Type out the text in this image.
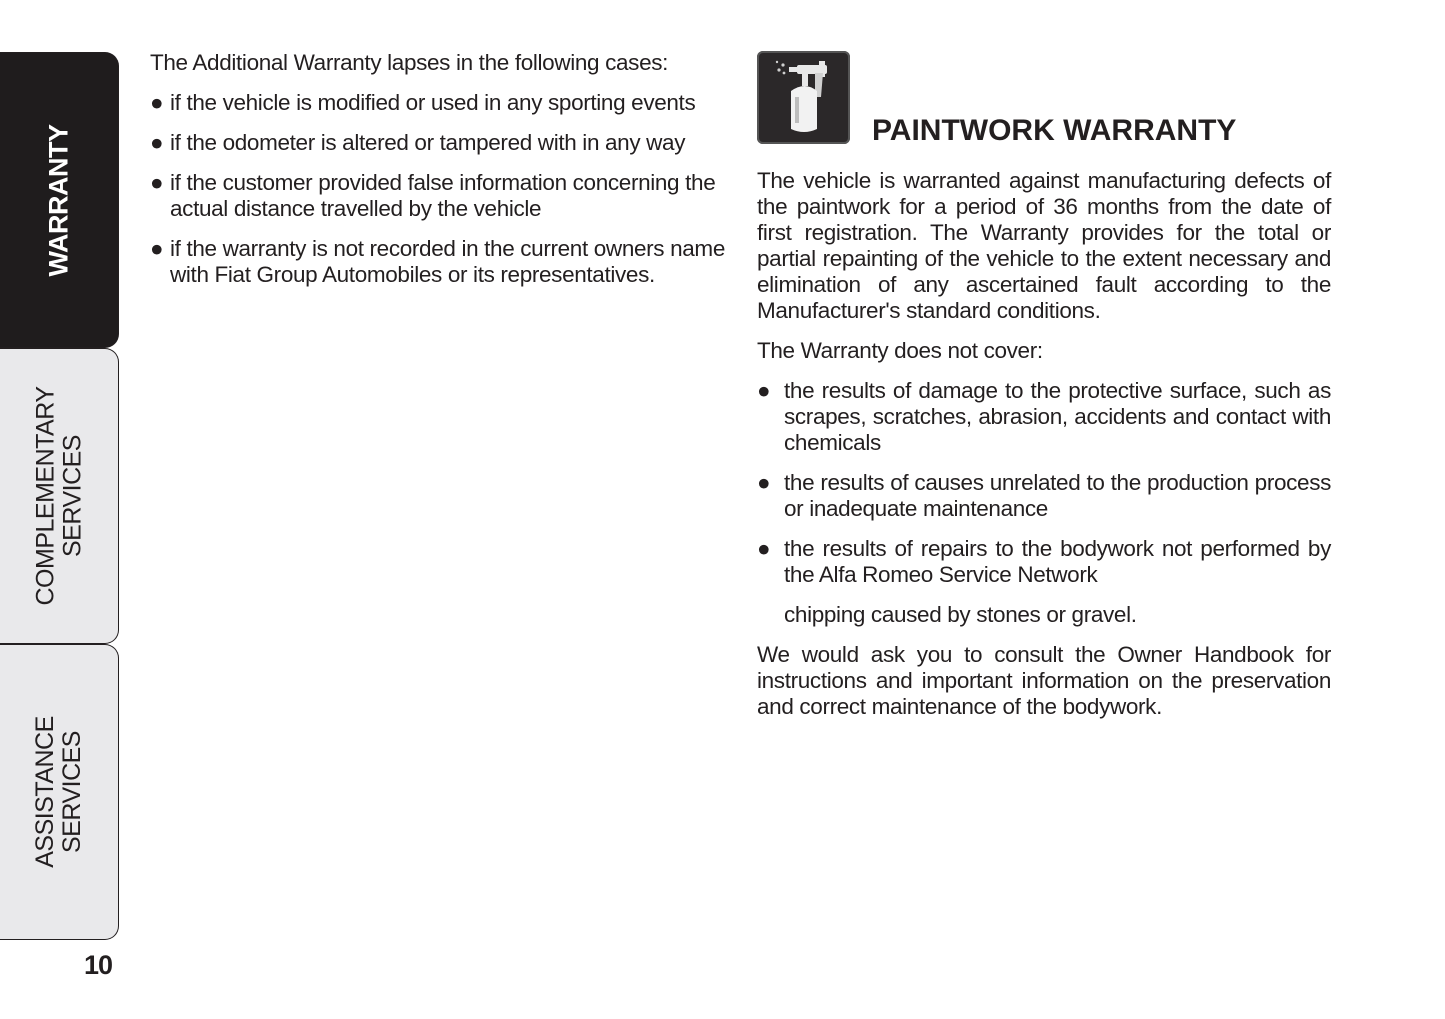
WARRANTY
COMPLEMENTARY SERVICES
ASSISTANCE SERVICES
10

The Additional Warranty lapses in the following cases:

● if the vehicle is modified or used in any sporting events
● if the odometer is altered or tampered with in any way
● if the customer provided false information concerning the actual distance travelled by the vehicle
● if the warranty is not recorded in the current owners name with Fiat Group Automobiles or its representatives.
PAINTWORK WARRANTY

The vehicle is warranted against manufacturing defects of the paintwork for a period of 36 months from the date of first registration. The Warranty provides for the total or partial repainting of the vehicle to the extent necessary and elimination of any ascertained fault according to the Manufacturer's standard conditions.

The Warranty does not cover:

● the results of damage to the protective surface, such as scrapes, scratches, abrasion, accidents and contact with chemicals
● the results of causes unrelated to the production process or inadequate maintenance
● the results of repairs to the bodywork not performed by the Alfa Romeo Service Network

chipping caused by stones or gravel.

We would ask you to consult the Owner Handbook for instructions and important information on the preservation and correct maintenance of the bodywork.
